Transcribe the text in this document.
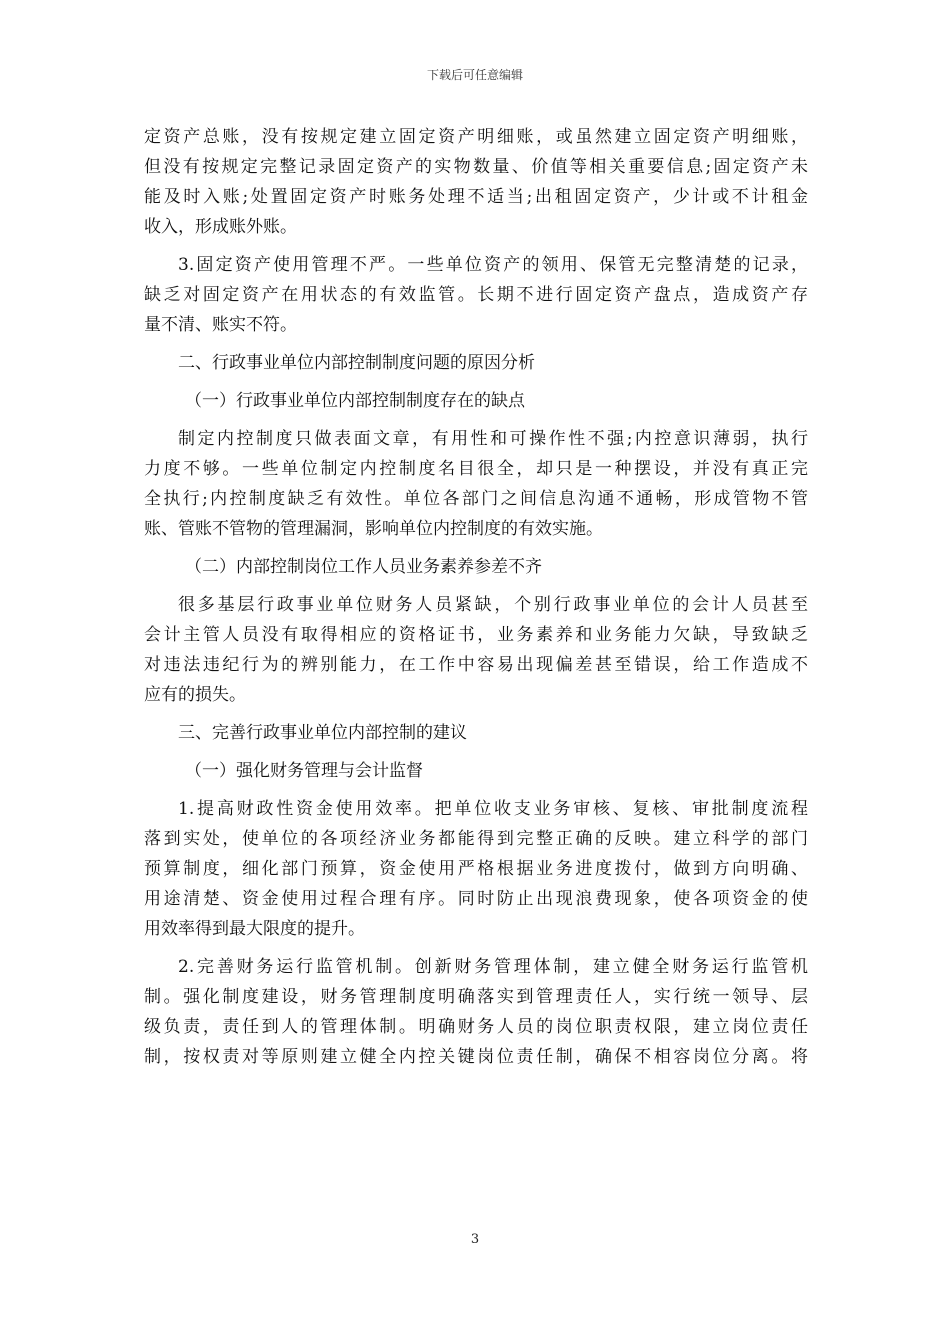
下载后可任意编辑
定资产总账，没有按规定建立固定资产明细账，或虽然建立固定资产明细账，
但没有按规定完整记录固定资产的实物数量、价值等相关重要信息;固定资产未
能及时入账;处置固定资产时账务处理不适当;出租固定资产，少计或不计租金
收入，形成账外账。
3.固定资产使用管理不严。一些单位资产的领用、保管无完整清楚的记录，
缺乏对固定资产在用状态的有效监管。长期不进行固定资产盘点，造成资产存
量不清、账实不符。
二、行政事业单位内部控制制度问题的原因分析
（一）行政事业单位内部控制制度存在的缺点
制定内控制度只做表面文章，有用性和可操作性不强;内控意识薄弱，执行
力度不够。一些单位制定内控制度名目很全，却只是一种摆设，并没有真正完
全执行;内控制度缺乏有效性。单位各部门之间信息沟通不通畅，形成管物不管
账、管账不管物的管理漏洞，影响单位内控制度的有效实施。
（二）内部控制岗位工作人员业务素养参差不齐
很多基层行政事业单位财务人员紧缺，个别行政事业单位的会计人员甚至
会计主管人员没有取得相应的资格证书，业务素养和业务能力欠缺，导致缺乏
对违法违纪行为的辨别能力，在工作中容易出现偏差甚至错误，给工作造成不
应有的损失。
三、完善行政事业单位内部控制的建议
（一）强化财务管理与会计监督
1.提高财政性资金使用效率。把单位收支业务审核、复核、审批制度流程
落到实处，使单位的各项经济业务都能得到完整正确的反映。建立科学的部门
预算制度，细化部门预算，资金使用严格根据业务进度拨付，做到方向明确、
用途清楚、资金使用过程合理有序。同时防止出现浪费现象，使各项资金的使
用效率得到最大限度的提升。
2.完善财务运行监管机制。创新财务管理体制，建立健全财务运行监管机
制。强化制度建设，财务管理制度明确落实到管理责任人，实行统一领导、层
级负责，责任到人的管理体制。明确财务人员的岗位职责权限，建立岗位责任
制，按权责对等原则建立健全内控关键岗位责任制，确保不相容岗位分离。将
3
